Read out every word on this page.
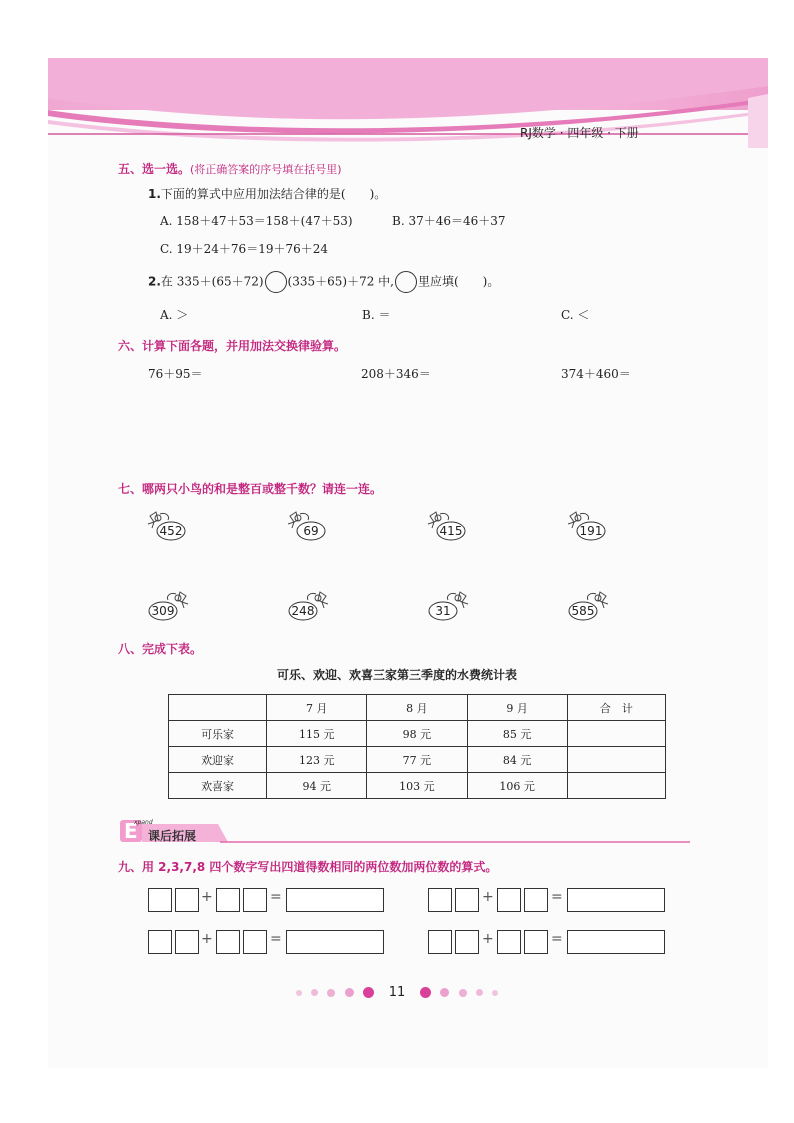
RJ数学 · 四年级 · 下册
五、选一选。(将正确答案的序号填在括号里)
1.下面的算式中应用加法结合律的是(　　)。
A. 158＋47＋53＝158＋(47＋53)	B. 37＋46＝46＋37
C. 19＋24＋76＝19＋76＋24
2.在 335＋(65＋72) (335＋65)＋72 中, 里应填(　　)。
A. ＞	B. ＝	C. ＜
六、计算下面各题，并用加法交换律验算。
76＋95＝	208＋346＝	374＋460＝
七、哪两只小鸟的和是整百或整千数？请连一连。
452	69	415	191
309	248	31	585
八、完成下表。
可乐、欢迎、欢喜三家第三季度的水费统计表
	7 月	8 月	9 月	合　计
可乐家	115 元	98 元	85 元	
欢迎家	123 元	77 元	84 元	
欢喜家	94 元	103 元	106 元	
E
xpand
课后拓展
九、用 2,3,7,8 四个数字写出四道得数相同的两位数加两位数的算式。
+	=	+	=
+	=	+	=
11
